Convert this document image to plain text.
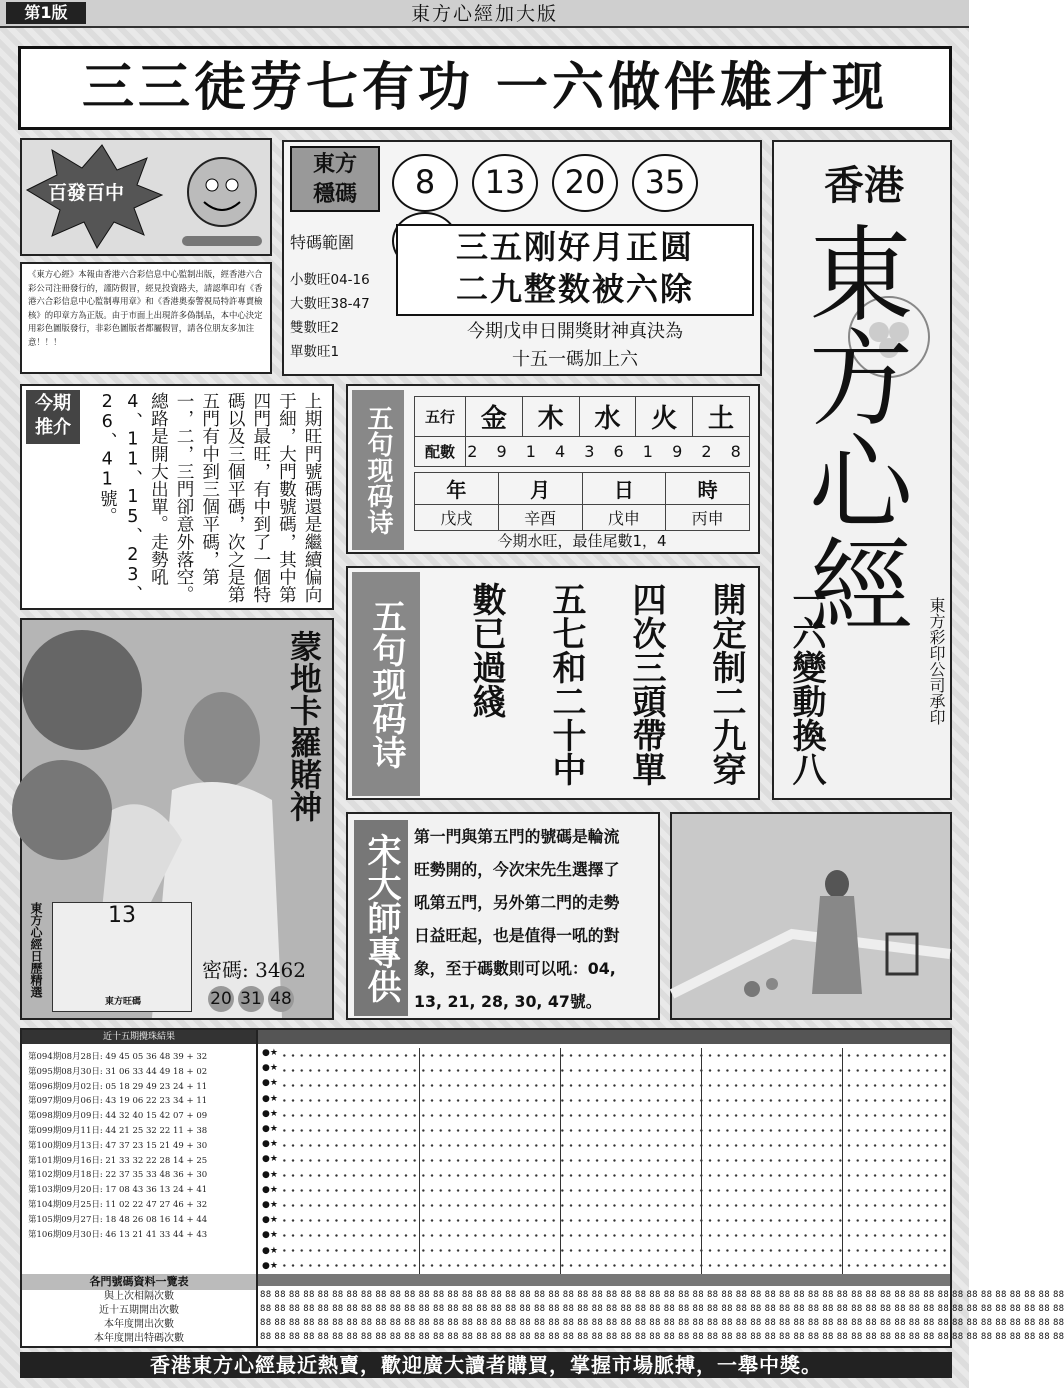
第1版	東方心經加大版
三三徒劳七有功 一六做伴雄才现
百發百中
《東方心經》本報由香港六合彩信息中心監制出版，經香港六合彩公司注冊發行的，謹防假冒，經見投資路夫，請認準印有《香港六合彩信息中心監制專用章》和《香港奧泰警視局特許專賣檢核》的印章方為正版。由于市面上出現許多偽制品，本中心決定用彩色圖版發行，非彩色圖版者都屬假冒，請各位朋友多加注意！！！
東方
穩碼	8 13 20 35
特碼範圍
小數旺04-16
大數旺38-47
雙數旺2
單數旺1
三五刚好月正圆
二九整数被六除
今期戊申日開獎財神真決為
十五一碼加上六
香港
東方心經
東方彩印公司承印
今期
推介	上期旺門號碼還是繼續偏向于細，大門數號碼，其中第四門最旺，有中到了一個特碼以及三個平碼，次之是第五門有中到三個平碼，第一，二，三門卻意外落空。總路是開大出單。走勢吼4、11、15、23、26、41號。	五句现码诗	五行	金	木	水	火	土
配數	2 9 1 4 3 6 1 9 2 8				
年	月	日	時
戊戌	辛酉	戊申	丙申
今期水旺，最佳尾數1，4
五句现码诗	一六變動換八開定制二九穿四次三頭帶單五七和二十中數已過綫
蒙地卡羅賭神
東方心經日歷精選	13
東方旺碼
密碼: 3462
20 31 48 宋大師專供 第一門與第五門的號碼是輪流
旺勢開的，今次宋先生選擇了
吼第五門，另外第二門的走勢
日益旺起，也是值得一吼的對
象，至于碼數則可以吼：04,
13, 21, 28, 30, 47號。
近十五期攪珠結果
第094期08月28日: 49 45 05 36 48 39 + 32
第095期08月30日: 31 06 33 44 49 18 + 02
第096期09月02日: 05 18 29 49 23 24 + 11
第097期09月06日: 43 19 06 22 23 34 + 11
第098期09月09日: 44 32 40 15 42 07 + 09
第099期09月11日: 44 21 25 32 22 11 + 38
第100期09月13日: 47 37 23 15 21 49 + 30
第101期09月16日: 21 33 32 22 28 14 + 25
第102期09月18日: 22 37 35 33 48 36 + 30
第103期09月20日: 17 08 43 36 13 24 + 41
第104期09月25日: 11 02 22 47 27 46 + 32
第105期09月27日: 18 48 26 08 16 14 + 44
第106期09月30日: 46 13 21 41 33 44 + 43
●★ ●★ ●★ ●★ ●★ ●★ ●★ ●★ ●★ ●★ ●★ ●★ ●★ ●★ ●★
各門號碼資料一覽表
與上次相隔次數
近十五期開出次數
本年度開出次數
本年度開出特碼次數
88 88 88 88 88 88 88 88 88 88 88 88 88 88 88 88 88 88 88 88 88 88 88 88 88 88 88 88 88 88 88 88 88 88 88 88 88 88 88 88 88 88 88 88 88 88 88 88 88 88 88 88 88 88 88 88
88 88 88 88 88 88 88 88 88 88 88 88 88 88 88 88 88 88 88 88 88 88 88 88 88 88 88 88 88 88 88 88 88 88 88 88 88 88 88 88 88 88 88 88 88 88 88 88 88 88 88 88 88 88 88 88
88 88 88 88 88 88 88 88 88 88 88 88 88 88 88 88 88 88 88 88 88 88 88 88 88 88 88 88 88 88 88 88 88 88 88 88 88 88 88 88 88 88 88 88 88 88 88 88 88 88 88 88 88 88 88 88
88 88 88 88 88 88 88 88 88 88 88 88 88 88 88 88 88 88 88 88 88 88 88 88 88 88 88 88 88 88 88 88 88 88 88 88 88 88 88 88 88 88 88 88 88 88 88 88 88 88 88 88 88 88 88 88
香港東方心經最近熱賣，歡迎廣大讀者購買，掌握市場脈搏，一舉中獎。
